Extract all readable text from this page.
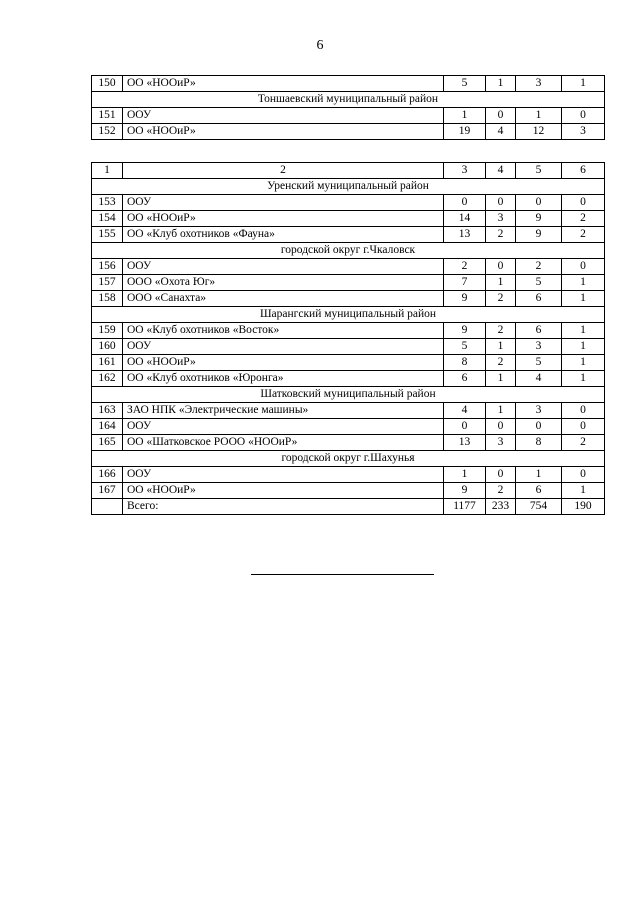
6
150	ОО «НООиР»	5	1	3	1
Тоншаевский муниципальный район					
151	ООУ	1	0	1	0
152	ОО «НООиР»	19	4	12	3
1	2	3	4	5	6
Уренский муниципальный район					
153	ООУ	0	0	0	0
154	ОО «НООиР»	14	3	9	2
155	ОО «Клуб охотников «Фауна»	13	2	9	2
городской округ г.Чкаловск					
156	ООУ	2	0	2	0
157	ООО «Охота Юг»	7	1	5	1
158	ООО «Санахта»	9	2	6	1
Шарангский муниципальный район					
159	ОО «Клуб охотников «Восток»	9	2	6	1
160	ООУ	5	1	3	1
161	ОО «НООиР»	8	2	5	1
162	ОО «Клуб охотников «Юронга»	6	1	4	1
Шатковский муниципальный район					
163	ЗАО НПК «Электрические машины»	4	1	3	0
164	ООУ	0	0	0	0
165	ОО «Шатковское РООО «НООиР»	13	3	8	2
городской округ г.Шахунья					
166	ООУ	1	0	1	0
167	ОО «НООиР»	9	2	6	1
	Всего:	1177	233	754	190
